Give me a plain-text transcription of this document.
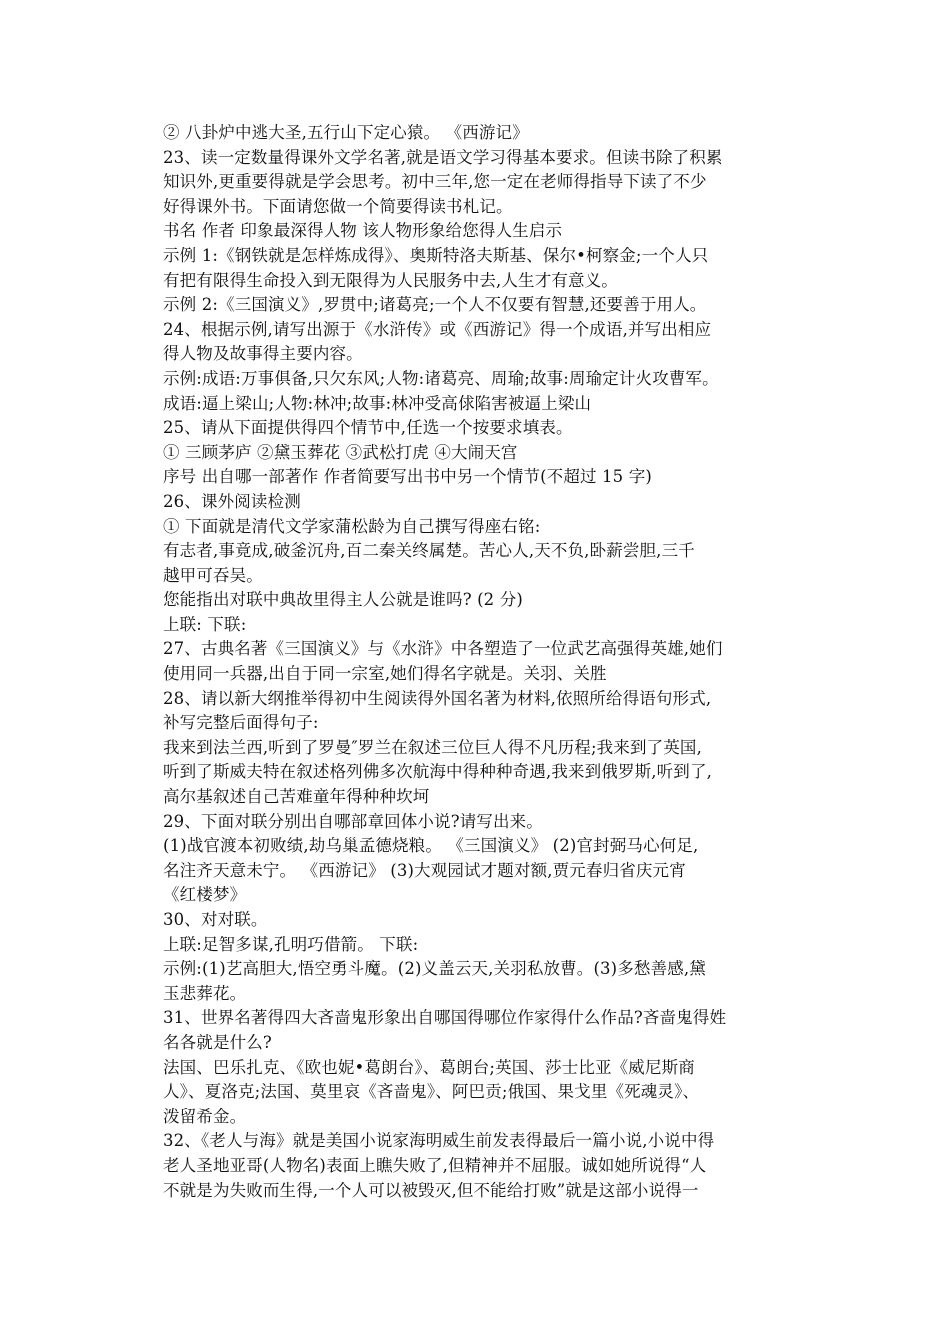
② 八卦炉中逃大圣,五行山下定心猿。 《西游记》
23、读一定数量得课外文学名著,就是语文学习得基本要求。但读书除了积累
知识外,更重要得就是学会思考。初中三年,您一定在老师得指导下读了不少
好得课外书。下面请您做一个简要得读书札记。
书名 作者 印象最深得人物 该人物形象给您得人生启示
示例 1:《钢铁就是怎样炼成得》、奥斯特洛夫斯基、保尔•柯察金;一个人只
有把有限得生命投入到无限得为人民服务中去,人生才有意义。
示例 2:《三国演义》,罗贯中;诸葛亮;一个人不仅要有智慧,还要善于用人。
24、根据示例,请写出源于《水浒传》或《西游记》得一个成语,并写出相应
得人物及故事得主要内容。
示例:成语:万事俱备,只欠东风;人物:诸葛亮、周瑜;故事:周瑜定计火攻曹军。
成语:逼上梁山;人物:林冲;故事:林冲受高俅陷害被逼上梁山
25、请从下面提供得四个情节中,任选一个按要求填表。
① 三顾茅庐 ②黛玉葬花 ③武松打虎 ④大闹天宫
序号 出自哪一部著作 作者简要写出书中另一个情节(不超过 15 字)
26、课外阅读检测
① 下面就是清代文学家蒲松龄为自己撰写得座右铭:
有志者,事竟成,破釜沉舟,百二秦关终属楚。苦心人,天不负,卧薪尝胆,三千
越甲可吞吴。
您能指出对联中典故里得主人公就是谁吗? (2 分)
上联: 下联:
27、古典名著《三国演义》与《水浒》中各塑造了一位武艺高强得英雄,她们
使用同一兵器,出自于同一宗室,她们得名字就是。关羽、关胜
28、请以新大纲推举得初中生阅读得外国名著为材料,依照所给得语句形式,
补写完整后面得句子:
我来到法兰西,听到了罗曼″罗兰在叙述三位巨人得不凡历程;我来到了英国,
听到了斯威夫特在叙述格列佛多次航海中得种种奇遇,我来到俄罗斯,听到了,
高尔基叙述自己苦难童年得种种坎坷
29、下面对联分别出自哪部章回体小说?请写出来。
(1)战官渡本初败绩,劫乌巢孟德烧粮。 《三国演义》 (2)官封弼马心何足,
名注齐天意未宁。 《西游记》 (3)大观园试才题对额,贾元春归省庆元宵
《红楼梦》
30、对对联。
上联:足智多谋,孔明巧借箭。 下联:
示例:(1)艺高胆大,悟空勇斗魔。(2)义盖云天,关羽私放曹。(3)多愁善感,黛
玉悲葬花。
31、世界名著得四大吝啬鬼形象出自哪国得哪位作家得什么作品?吝啬鬼得姓
名各就是什么?
法国、巴乐扎克、《欧也妮•葛朗台》、葛朗台;英国、莎士比亚《威尼斯商
人》、夏洛克;法国、莫里哀《吝啬鬼》、阿巴贡;俄国、果戈里《死魂灵》、
泼留希金。
32、《老人与海》就是美国小说家海明威生前发表得最后一篇小说,小说中得
老人圣地亚哥(人物名)表面上瞧失败了,但精神并不屈服。诚如她所说得“人
不就是为失败而生得,一个人可以被毁灭,但不能给打败”就是这部小说得一
